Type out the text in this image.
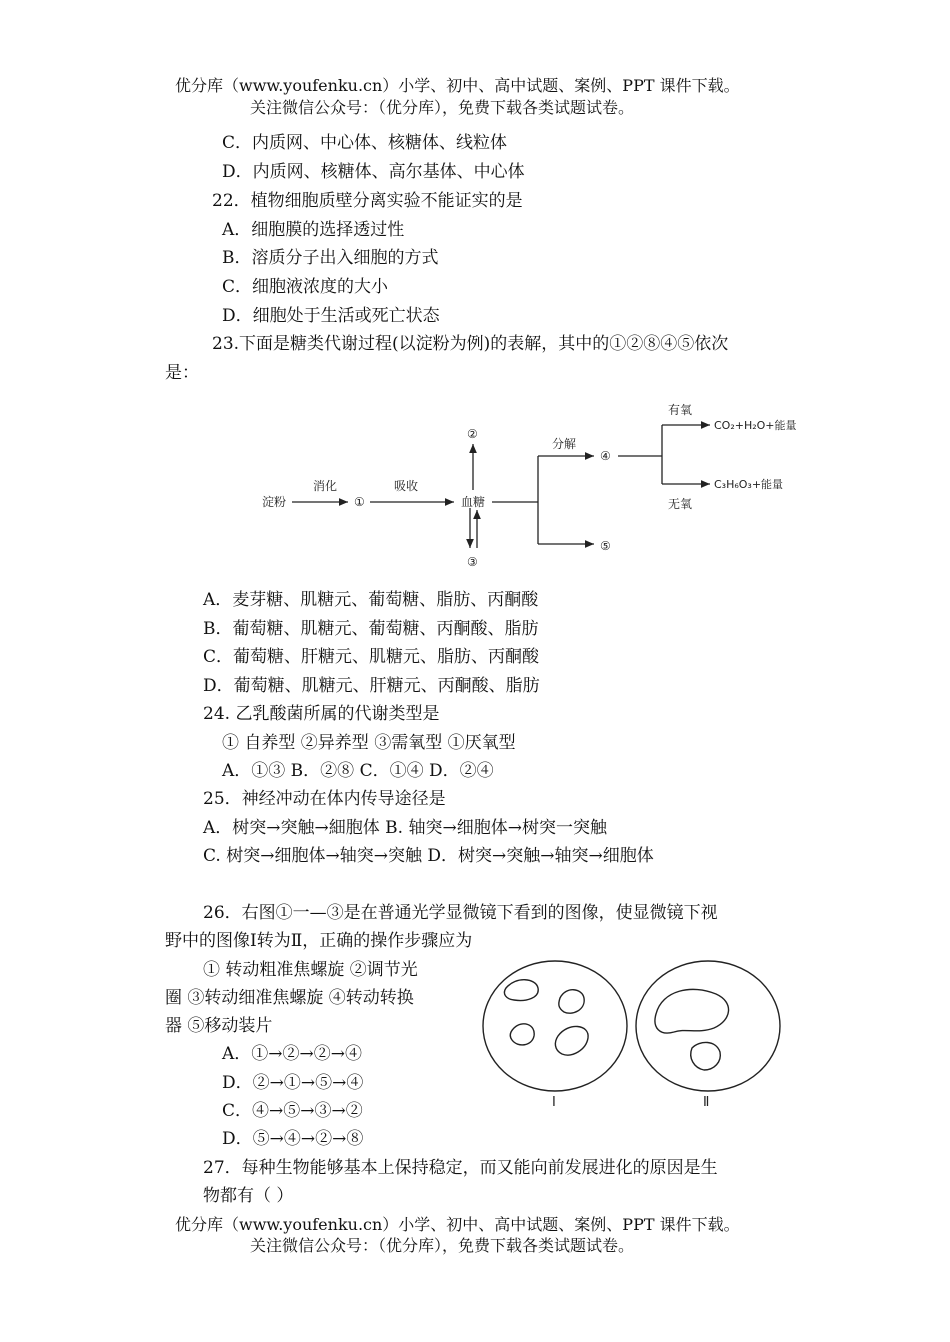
优分库（www.youfenku.cn）小学、初中、高中试题、案例、PPT 课件下载。
关注微信公众号：（优分库），免费下载各类试题试卷。
C．内质网、中心体、核糖体、线粒体
D．内质网、核糖体、高尔基体、中心体
22．植物细胞质壁分离实验不能证实的是
A．细胞膜的选择透过性
B．溶质分子出入细胞的方式
C．细胞液浓度的大小
D．细胞处于生活或死亡状态
23.下面是糖类代谢过程(以淀粉为例)的表解，其中的①②⑧④⑤依次
是：
淀粉
消化
①
吸收
血糖
②
③
分解
④
⑤
有氧
无氧
CO₂+H₂O+能量
C₃H₆O₃+能量
A．麦芽糖、肌糖元、葡萄糖、脂肪、丙酮酸
B．葡萄糖、肌糖元、葡萄糖、丙酮酸、脂肪
C．葡萄糖、肝糖元、肌糖元、脂肪、丙酮酸
D．葡萄糖、肌糖元、肝糖元、丙酮酸、脂肪
24. 乙乳酸菌所属的代谢类型是
① 自养型 ②异养型 ③需氧型 ①厌氧型
A．①③ B．②⑧ C．①④ D．②④
25．神经冲动在体内传导途径是
A．树突→突触→細胞体 B. 轴突→细胞体→树突一突触
C. 树突→细胞体→轴突→突触 D．树突→突触→轴突→细胞体
26．右图①一—③是在普通光学显微镜下看到的图像，使显微镜下视
野中的图像Ⅰ转为Ⅱ，正确的操作步骤应为
① 转动粗准焦螺旋 ②调节光
圈 ③转动细准焦螺旋 ④转动转换
器 ⑤移动装片
A．①→②→②→④
D．②→①→⑤→④
C．④→⑤→③→②
D．⑤→④→②→⑧
I	Ⅱ
27．每种生物能够基本上保持稳定，而又能向前发展进化的原因是生
物都有（ ）
优分库（www.youfenku.cn）小学、初中、高中试题、案例、PPT 课件下载。
关注微信公众号：（优分库），免费下载各类试题试卷。
